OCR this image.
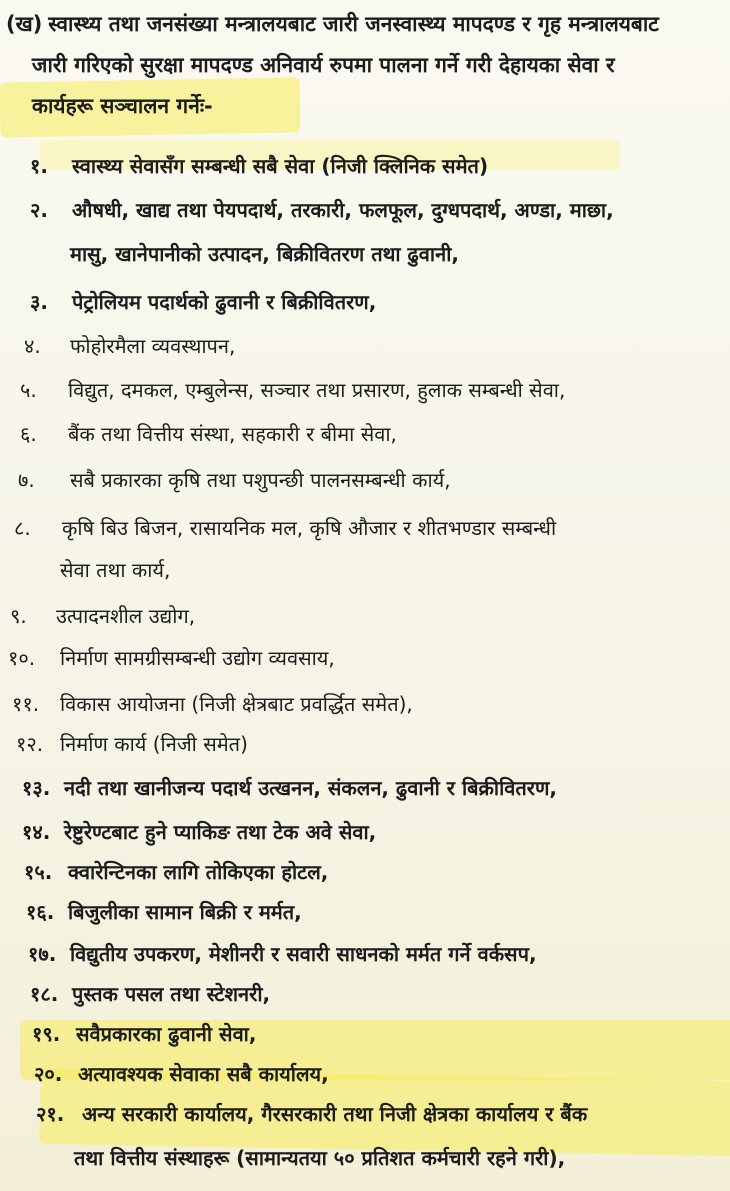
(ख) स्वास्थ्य तथा जनसंख्या मन्त्रालयबाट जारी जनस्वास्थ्य मापदण्ड र गृह मन्त्रालयबाट
जारी गरिएको सुरक्षा मापदण्ड अनिवार्य रुपमा पालना गर्ने गरी देहायका सेवा र
कार्यहरू सञ्चालन गर्नेः-
१.	स्वास्थ्य सेवासँग सम्बन्धी सबै सेवा (निजी क्लिनिक समेत)
२.	औषधी, खाद्य तथा पेयपदार्थ, तरकारी, फलफूल, दुग्धपदार्थ, अण्डा, माछा,
मासु, खानेपानीको उत्पादन, बिक्रीवितरण तथा ढुवानी,
३.	पेट्रोलियम पदार्थको ढुवानी र बिक्रीवितरण,
४.	फोहोरमैला व्यवस्थापन,
५.	विद्युत, दमकल, एम्बुलेन्स, सञ्चार तथा प्रसारण, हुलाक सम्बन्धी सेवा,
६.	बैंक तथा वित्तीय संस्था, सहकारी र बीमा सेवा,
७.	सबै प्रकारका कृषि तथा पशुपन्छी पालनसम्बन्धी कार्य,
८.	कृषि बिउ बिजन, रासायनिक मल, कृषि औजार र शीतभण्डार सम्बन्धी
सेवा तथा कार्य,
९.	उत्पादनशील उद्योग,
१०.	निर्माण सामग्रीसम्बन्धी उद्योग व्यवसाय,
११.	विकास आयोजना (निजी क्षेत्रबाट प्रवर्द्धित समेत),
१२. निर्माण कार्य (निजी समेत)
१३. नदी तथा खानीजन्य पदार्थ उत्खनन, संकलन, ढुवानी र बिक्रीवितरण,
१४. रेष्टुरेण्टबाट हुने प्याकिङ तथा टेक अवे सेवा,
१५. क्वारेन्टिनका लागि तोकिएका होटल,
१६. बिजुलीका सामान बिक्री र मर्मत,
१७. विद्युतीय उपकरण, मेशीनरी र सवारी साधनको मर्मत गर्ने वर्कसप,
१८. पुस्तक पसल तथा स्टेशनरी,
१९. सवैप्रकारका ढुवानी सेवा,
२०. अत्यावश्यक सेवाका सबै कार्यालय,
२१. अन्य सरकारी कार्यालय, गैरसरकारी तथा निजी क्षेत्रका कार्यालय र बैंक
तथा वित्तीय संस्थाहरू (सामान्यतया ५० प्रतिशत कर्मचारी रहने गरी),
